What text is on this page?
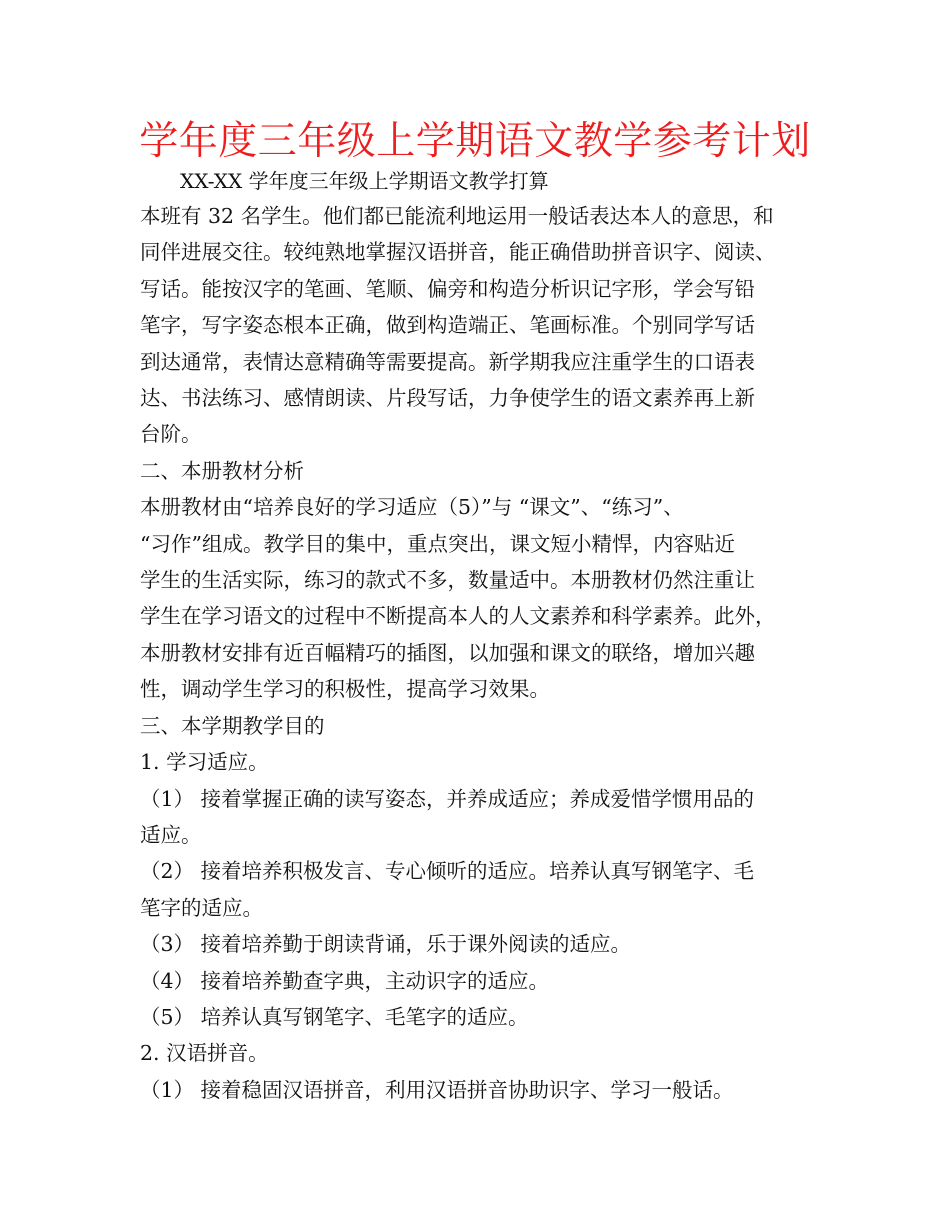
学年度三年级上学期语文教学参考计划
XX-XX 学年度三年级上学期语文教学打算

本班有 32 名学生。他们都已能流利地运用一般话表达本人的意思，和

同伴进展交往。较纯熟地掌握汉语拼音，能正确借助拼音识字、阅读、

写话。能按汉字的笔画、笔顺、偏旁和构造分析识记字形，学会写铅

笔字，写字姿态根本正确，做到构造端正、笔画标准。个别同学写话

到达通常，表情达意精确等需要提高。新学期我应注重学生的口语表

达、书法练习、感情朗读、片段写话，力争使学生的语文素养再上新

台阶。

二、本册教材分析

本册教材由“培养良好的学习适应（5）”与 “课文”、“练习”、

“习作”组成。教学目的集中，重点突出，课文短小精悍，内容贴近

学生的生活实际，练习的款式不多，数量适中。本册教材仍然注重让

学生在学习语文的过程中不断提高本人的人文素养和科学素养。此外，

本册教材安排有近百幅精巧的插图，以加强和课文的联络，增加兴趣

性，调动学生学习的积极性，提高学习效果。

三、本学期教学目的

1. 学习适应。

（1） 接着掌握正确的读写姿态，并养成适应；养成爱惜学惯用品的

适应。

（2） 接着培养积极发言、专心倾听的适应。培养认真写钢笔字、毛

笔字的适应。

（3） 接着培养勤于朗读背诵，乐于课外阅读的适应。

（4） 接着培养勤查字典，主动识字的适应。

（5） 培养认真写钢笔字、毛笔字的适应。

2. 汉语拼音。

（1） 接着稳固汉语拼音，利用汉语拼音协助识字、学习一般话。
